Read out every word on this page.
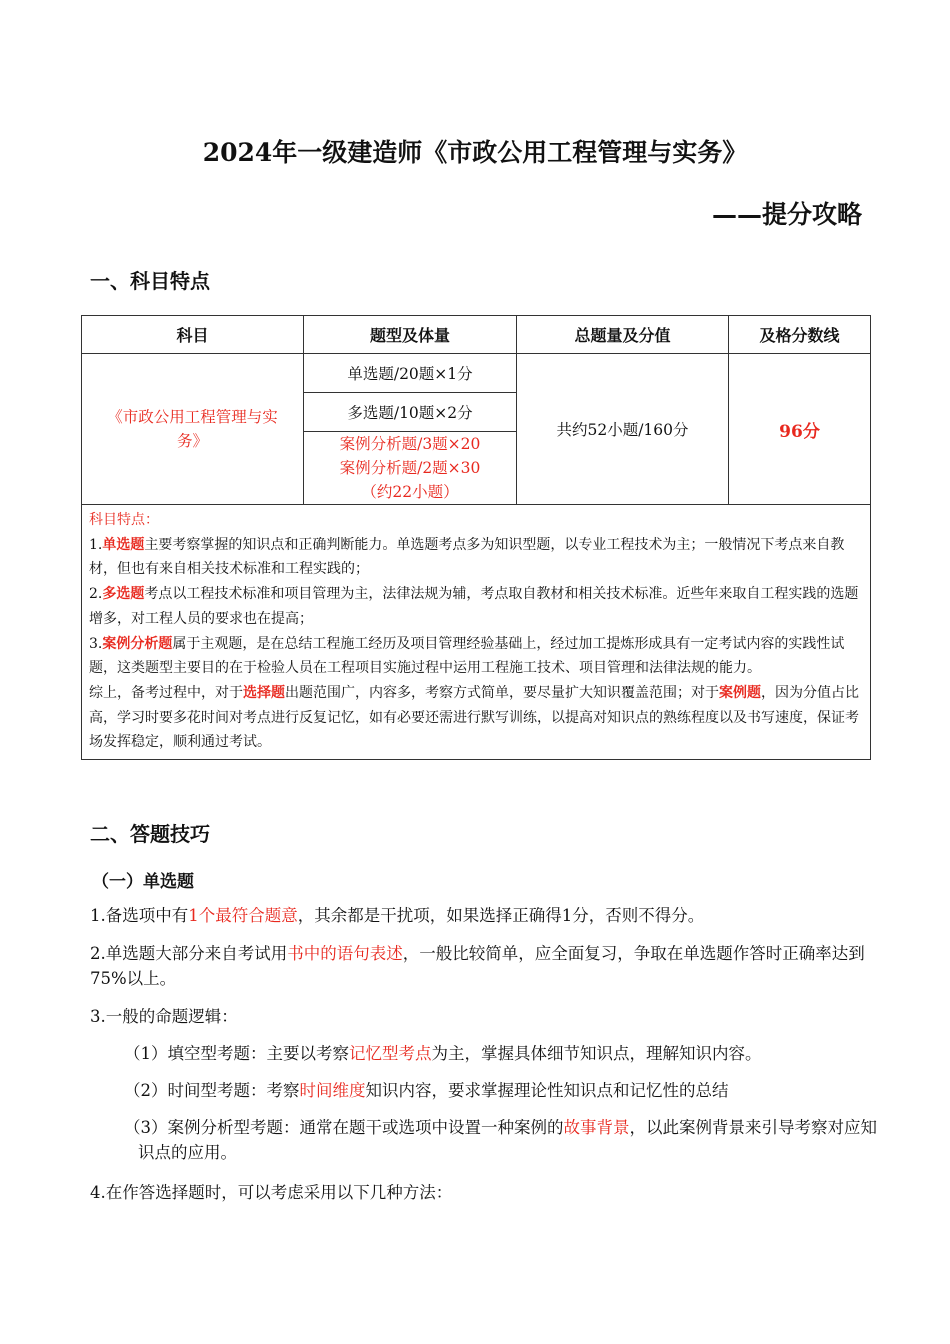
2024年一级建造师《市政公用工程管理与实务》
——提分攻略
一、科目特点
科目	题型及体量	总题量及分值	及格分数线
《市政公用工程管理与实务》	单选题/20题×1分	共约52小题/160分	96分
	多选题/10题×2分		

	案例分析题/3题×20
案例分析题/2题×30
（约22小题）		

科目特点：
1.单选题主要考察掌握的知识点和正确判断能力。单选题考点多为知识型题，以专业工程技术为主；一般情况下考点来自教材，但也有来自相关技术标准和工程实践的；
2.多选题考点以工程技术标准和项目管理为主，法律法规为辅，考点取自教材和相关技术标准。近些年来取自工程实践的选题增多，对工程人员的要求也在提高；
3.案例分析题属于主观题，是在总结工程施工经历及项目管理经验基础上，经过加工提炼形成具有一定考试内容的实践性试题，这类题型主要目的在于检验人员在工程项目实施过程中运用工程施工技术、项目管理和法律法规的能力。
综上，备考过程中，对于选择题出题范围广，内容多，考察方式简单，要尽量扩大知识覆盖范围；对于案例题，因为分值占比高，学习时要多花时间对考点进行反复记忆，如有必要还需进行默写训练，以提高对知识点的熟练程度以及书写速度，保证考场发挥稳定，顺利通过考试。			
二、答题技巧
（一）单选题
1.备选项中有1个最符合题意，其余都是干扰项，如果选择正确得1分，否则不得分。
2.单选题大部分来自考试用书中的语句表述，一般比较简单，应全面复习，争取在单选题作答时正确率达到75%以上。
3.一般的命题逻辑：
（1）填空型考题：主要以考察记忆型考点为主，掌握具体细节知识点，理解知识内容。
（2）时间型考题：考察时间维度知识内容，要求掌握理论性知识点和记忆性的总结
（3）案例分析型考题：通常在题干或选项中设置一种案例的故事背景，以此案例背景来引导考察对应知识点的应用。
4.在作答选择题时，可以考虑采用以下几种方法：
